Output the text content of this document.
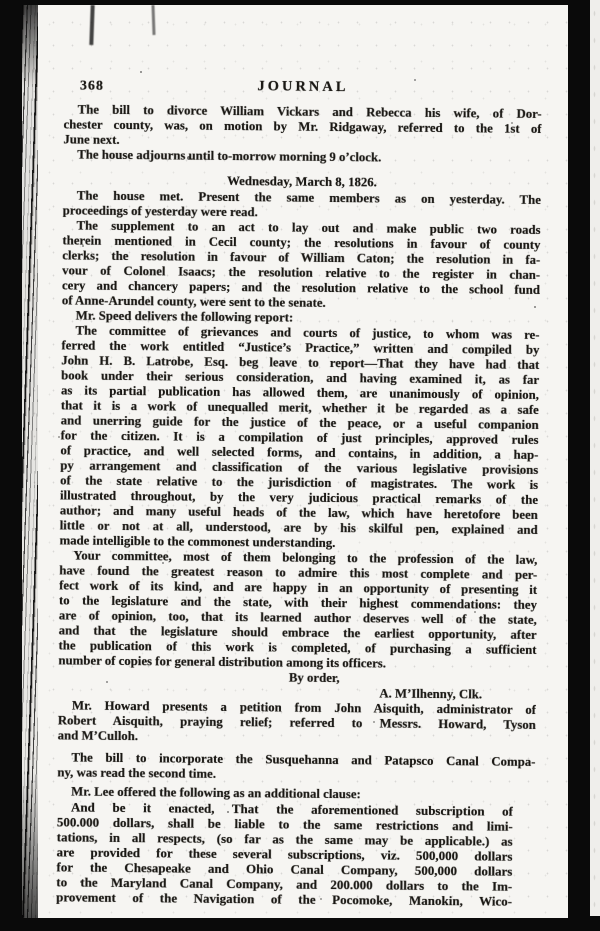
368	JOURNAL
The bill to divorce William Vickars and Rebecca his wife, of Dor-
chester county, was, on motion by Mr. Ridgaway, referred to the 1st of
June next.
The house adjourns until to-morrow morning 9 o’clock.
Wednesday, March 8, 1826.
The house met. Present the same members as on yesterday. The
proceedings of yesterday were read.
The supplement to an act to lay out and make public two roads
therein mentioned in Cecil county; the resolutions in favour of county
clerks; the resolution in favour of William Caton; the resolution in fa-
vour of Colonel Isaacs; the resolution relative to the register in chan-
cery and chancery papers; and the resolution relative to the school fund
of Anne-Arundel county, were sent to the senate.
Mr. Speed delivers the following report:
The committee of grievances and courts of justice, to whom was re-
ferred the work entitled “Justice’s Practice,” written and compiled by
John H. B. Latrobe, Esq. beg leave to report—That they have had that
book under their serious consideration, and having examined it, as far
as its partial publication has allowed them, are unanimously of opinion,
that it is a work of unequalled merit, whether it be regarded as a safe
and unerring guide for the justice of the peace, or a useful companion
for the citizen. It is a compilation of just principles, approved rules
of practice, and well selected forms, and contains, in addition, a hap-
py arrangement and classification of the various legislative provisions
of the state relative to the jurisdiction of magistrates. The work is
illustrated throughout, by the very judicious practical remarks of the
author; and many useful heads of the law, which have heretofore been
little or not at all, understood, are by his skilful pen, explained and
made intelligible to the commonest understanding.
Your committee, most of them belonging to the profession of the law,
have found the greatest reason to admire this most complete and per-
fect work of its kind, and are happy in an opportunity of presenting it
to the legislature and the state, with their highest commendations: they
are of opinion, too, that its learned author deserves well of the state,
and that the legislature should embrace the earliest opportunity, after
the publication of this work is completed, of purchasing a sufficient
number of copies for general distribution among its officers.
By order,
A. M’Ilhenny, Clk.
Mr. Howard presents a petition from John Aisquith, administrator of
Robert Aisquith, praying relief; referred to Messrs. Howard, Tyson
and M’Culloh.
The bill to incorporate the Susquehanna and Patapsco Canal Compa-
ny, was read the second time.
Mr. Lee offered the following as an additional clause:
And be it enacted, That the aforementioned subscription of
500.000 dollars, shall be liable to the same restrictions and limi-
tations, in all respects, (so far as the same may be applicable.) as
are provided for these several subscriptions, viz. 500,000 dollars
for the Chesapeake and Ohio Canal Company, 500,000 dollars
to the Maryland Canal Company, and 200.000 dollars to the Im-
provement of the Navigation of the Pocomoke, Manokin, Wico-
